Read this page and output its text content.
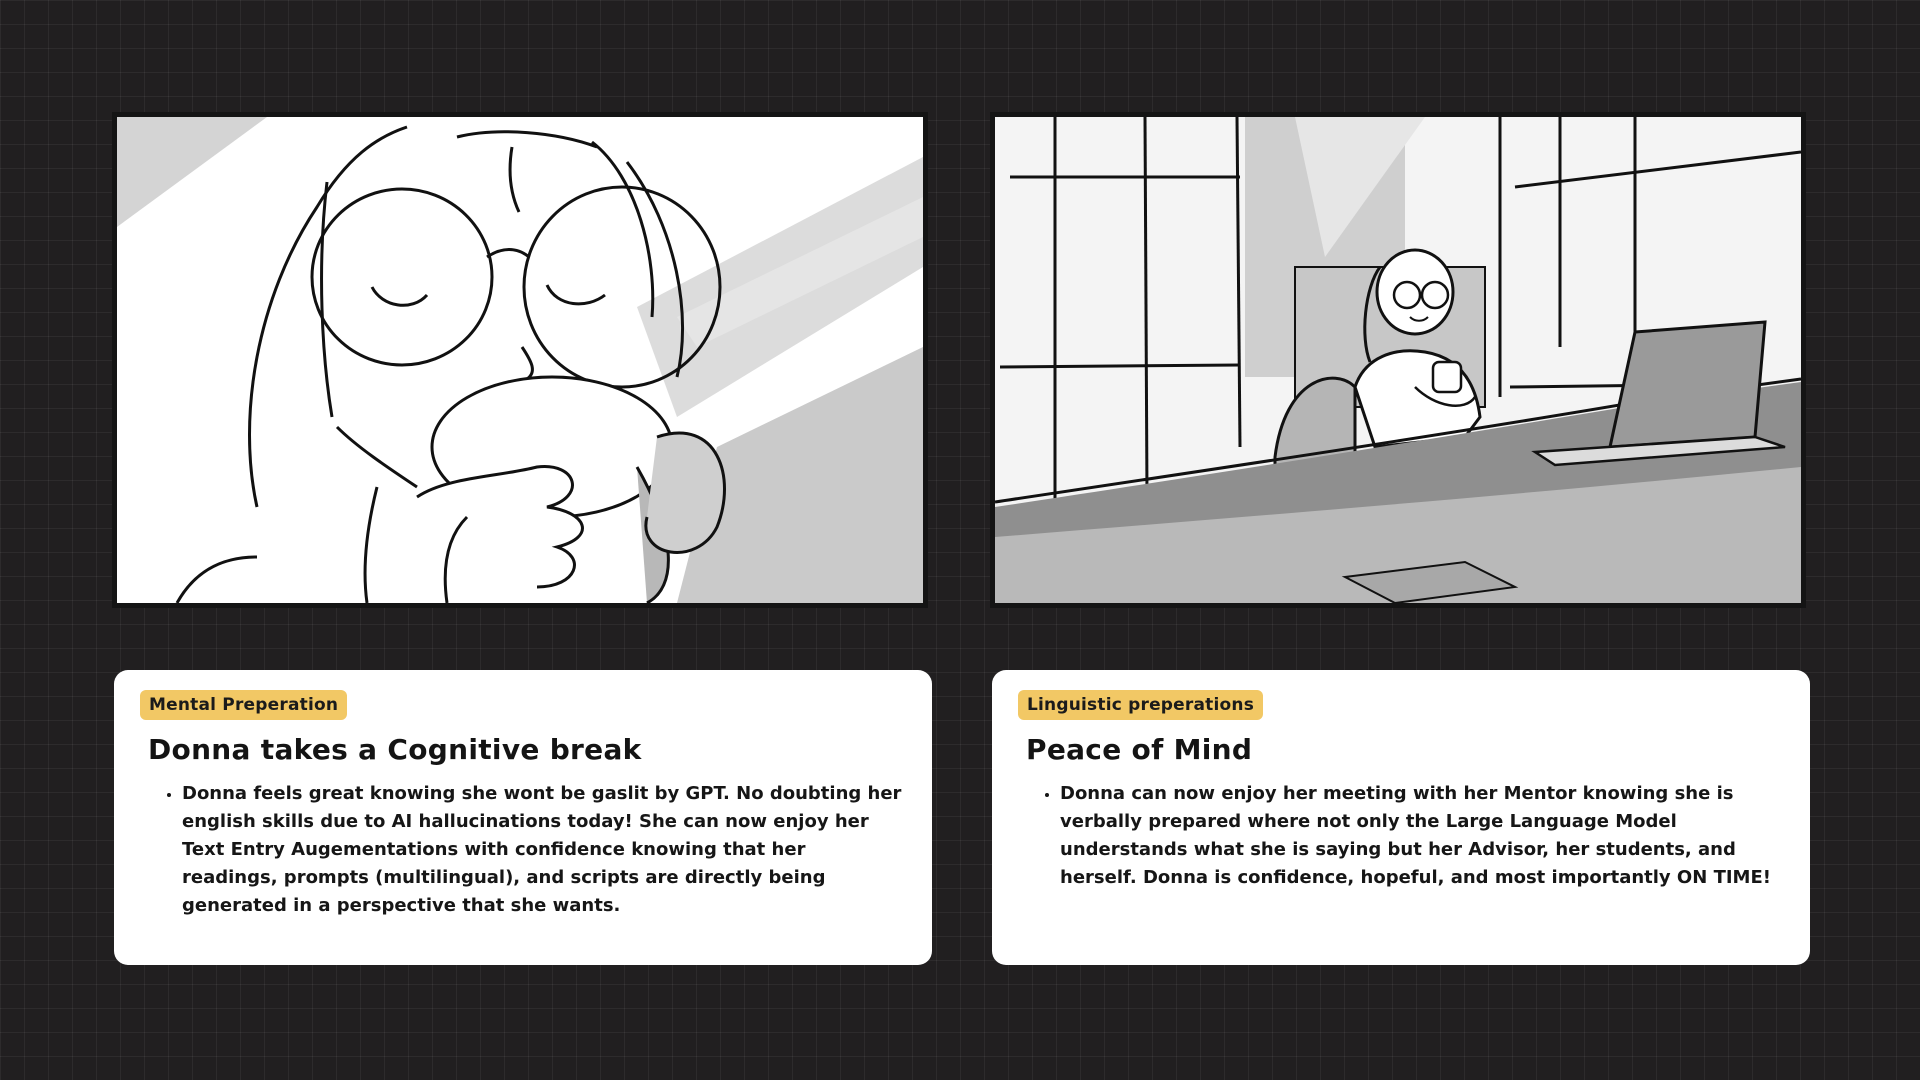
Mental Preperation
Donna takes a Cognitive break
• Donna feels great knowing she wont be gaslit by GPT. No doubting her english skills due to AI hallucinations today! She can now enjoy her Text Entry Augementations with confidence knowing that her readings, prompts (multilingual), and scripts are directly being generated in a perspective that she wants.
Linguistic preperations
Peace of Mind
• Donna can now enjoy her meeting with her Mentor knowing she is verbally prepared where not only the Large Language Model understands what she is saying but her Advisor, her students, and herself. Donna is confidence, hopeful, and most importantly ON TIME!
